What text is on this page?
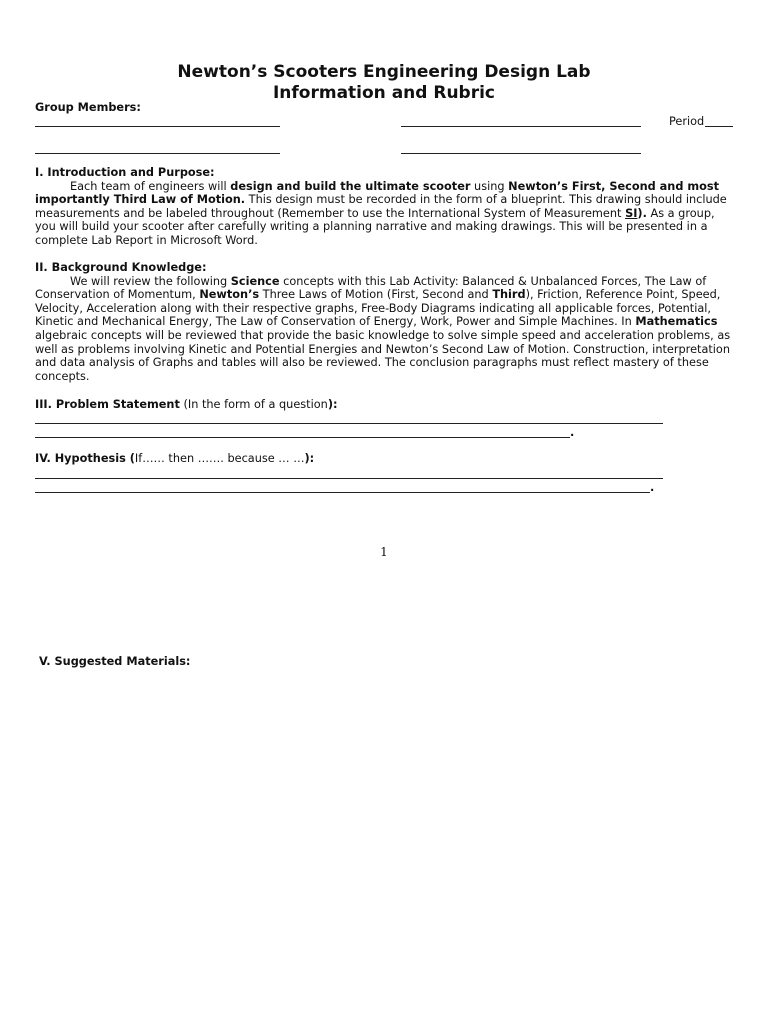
Newton’s Scooters Engineering Design Lab
Information and Rubric
Group Members:
Period
I. Introduction and Purpose:
Each team of engineers will design and build the ultimate scooter using Newton’s First, Second and most importantly Third Law of Motion. This design must be recorded in the form of a blueprint. This drawing should include measurements and be labeled throughout (Remember to use the International System of Measurement SI). As a group, you will build your scooter after carefully writing a planning narrative and making drawings. This will be presented in a complete Lab Report in Microsoft Word.
II. Background Knowledge:
We will review the following Science concepts with this Lab Activity: Balanced & Unbalanced Forces, The Law of Conservation of Momentum, Newton’s Three Laws of Motion (First, Second and Third), Friction, Reference Point, Speed, Velocity, Acceleration along with their respective graphs, Free-Body Diagrams indicating all applicable forces, Potential, Kinetic and Mechanical Energy, The Law of Conservation of Energy, Work, Power and Simple Machines. In Mathematics algebraic concepts will be reviewed that provide the basic knowledge to solve simple speed and acceleration problems, as well as problems involving Kinetic and Potential Energies and Newton’s Second Law of Motion. Construction, interpretation and data analysis of Graphs and tables will also be reviewed. The conclusion paragraphs must reflect mastery of these concepts.
III. Problem Statement (In the form of a question):
.
IV. Hypothesis (If…… then ……. because … …):
.
1
V. Suggested Materials:
